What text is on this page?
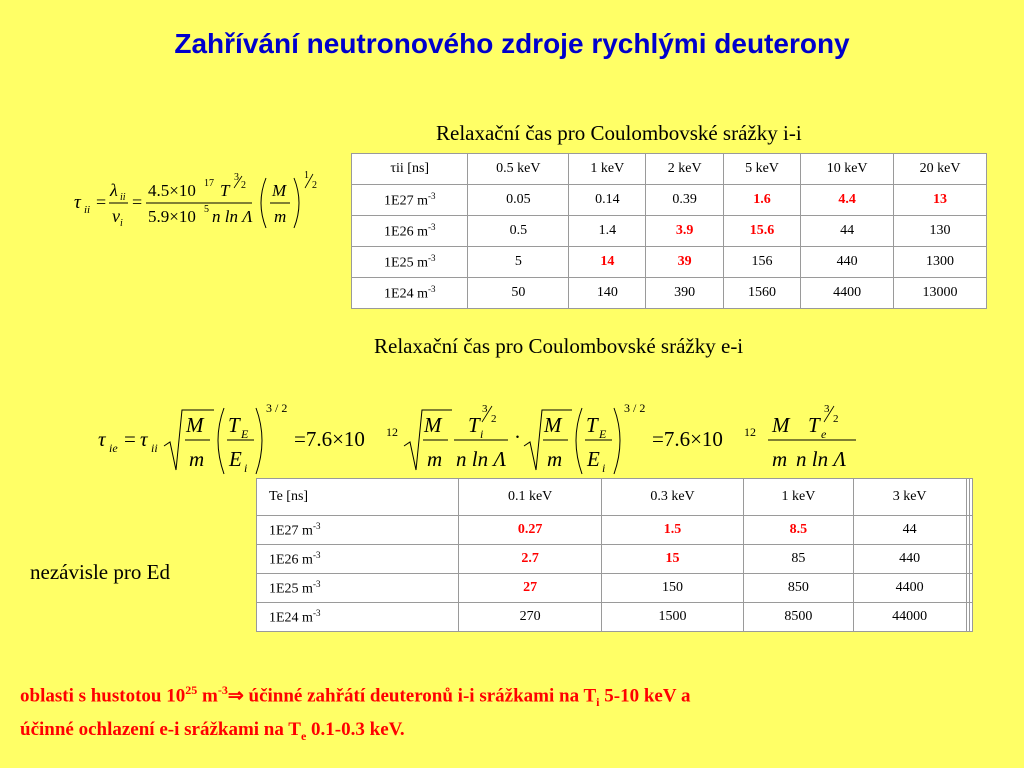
Zahřívání neutronového zdroje rychlými deuterony
τ ii =
λ ii
v i
=
4.5×10 17 T
3
2
5.9×10 5 n ln Λ
M
m
1
2
Relaxační čas pro Coulombovské srážky i-i
τii [ns]	0.5 keV	1 keV	2 keV	5 keV	10 keV	20 keV
1E27 $m^{-3}$	0.05	0.14	0.39	1.6	4.4	13
1E26 $m^{-3}$	0.5	1.4	3.9	15.6	44	130
1E25 $m^{-3}$	5	14	39	156	440	1300
1E24 $m^{-3}$	50	140	390	1560	4400	13000
Relaxační čas pro Coulombovské srážky e-i
τ ie = τ ii
M
m
T E
E i
3 / 2
=7.6×10 12 M
m
T i
3
2
n ln Λ
· M
m
T E
E i
3 / 2
=7.6×10 12 M T e
3
2
m n ln Λ
Te [ns]	0.1 keV	0.3 keV	1 keV	3 keV		
1E27 $m^{-3}$	0.27	1.5	8.5	44		
1E26 $m^{-3}$	2.7	15	85	440		
1E25 $m^{-3}$	27	150	850	4400		
1E24 $m^{-3}$	270	1500	8500	44000		
nezávisle pro Ed
oblasti s hustotou $10^{25}$ $m^{-3}\Rightarrow$ účinné zahřátí deuteronů i-i srážkami na $T_i$ 5-10 keV a
účinné ochlazení e-i srážkami na $T_e$ 0.1-0.3 keV.
